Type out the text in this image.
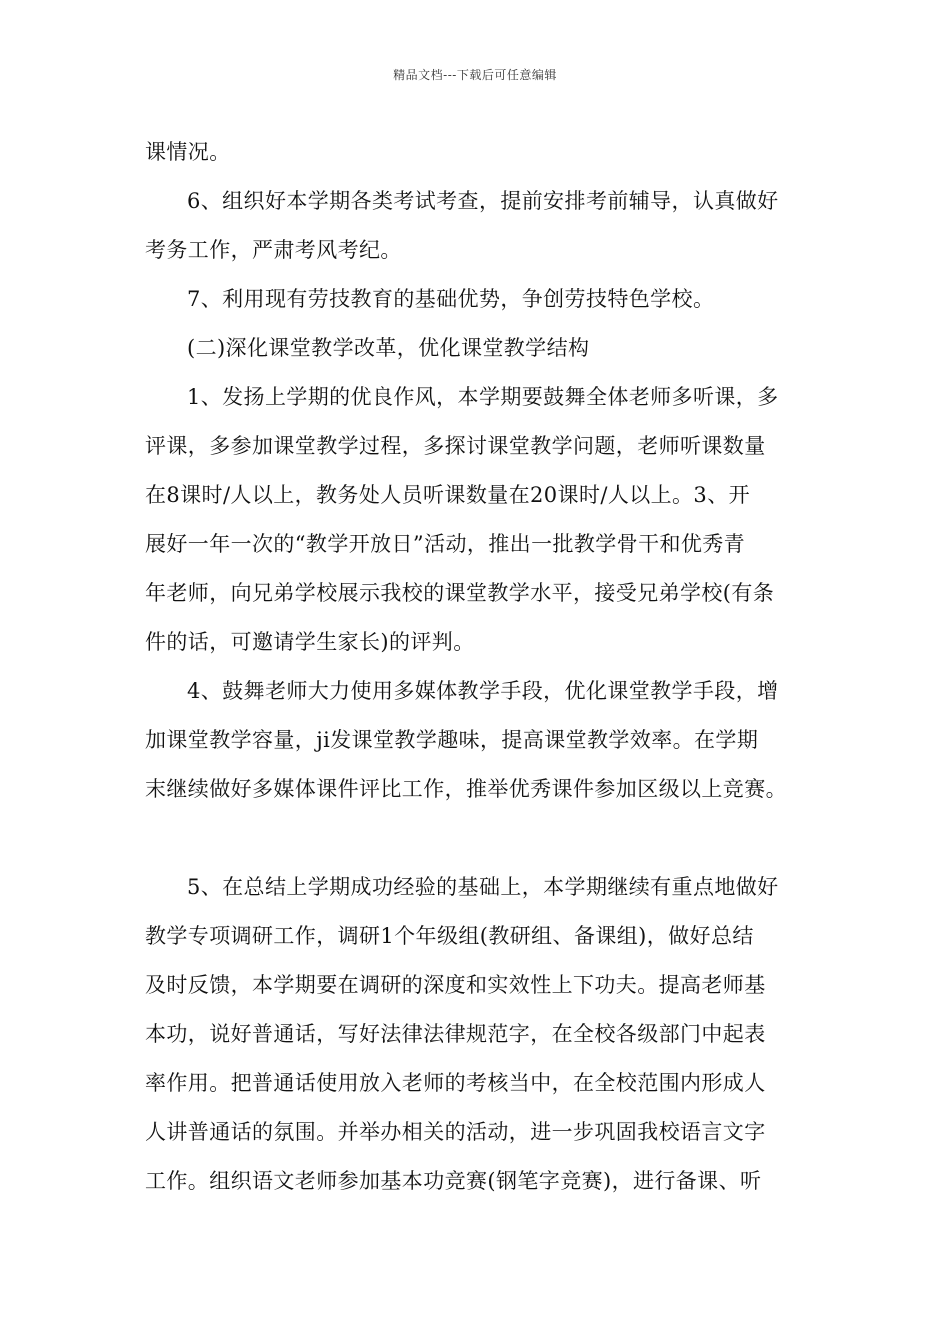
精品文档---下载后可任意编辑
课情况。
6、组织好本学期各类考试考查，提前安排考前辅导，认真做好
考务工作，严肃考风考纪。
7、利用现有劳技教育的基础优势，争创劳技特色学校。
(二)深化课堂教学改革，优化课堂教学结构
1、发扬上学期的优良作风，本学期要鼓舞全体老师多听课，多
评课，多参加课堂教学过程，多探讨课堂教学问题，老师听课数量
在8课时/人以上，教务处人员听课数量在20课时/人以上。3、开
展好一年一次的“教学开放日”活动，推出一批教学骨干和优秀青
年老师，向兄弟学校展示我校的课堂教学水平，接受兄弟学校(有条
件的话，可邀请学生家长)的评判。
4、鼓舞老师大力使用多媒体教学手段，优化课堂教学手段，增
加课堂教学容量，ji发课堂教学趣味，提高课堂教学效率。在学期
末继续做好多媒体课件评比工作，推举优秀课件参加区级以上竞赛。
5、在总结上学期成功经验的基础上，本学期继续有重点地做好
教学专项调研工作，调研1个年级组(教研组、备课组)，做好总结
及时反馈，本学期要在调研的深度和实效性上下功夫。提高老师基
本功，说好普通话，写好法律法律规范字，在全校各级部门中起表
率作用。把普通话使用放入老师的考核当中，在全校范围内形成人
人讲普通话的氛围。并举办相关的活动，进一步巩固我校语言文字
工作。组织语文老师参加基本功竞赛(钢笔字竞赛)，进行备课、听
